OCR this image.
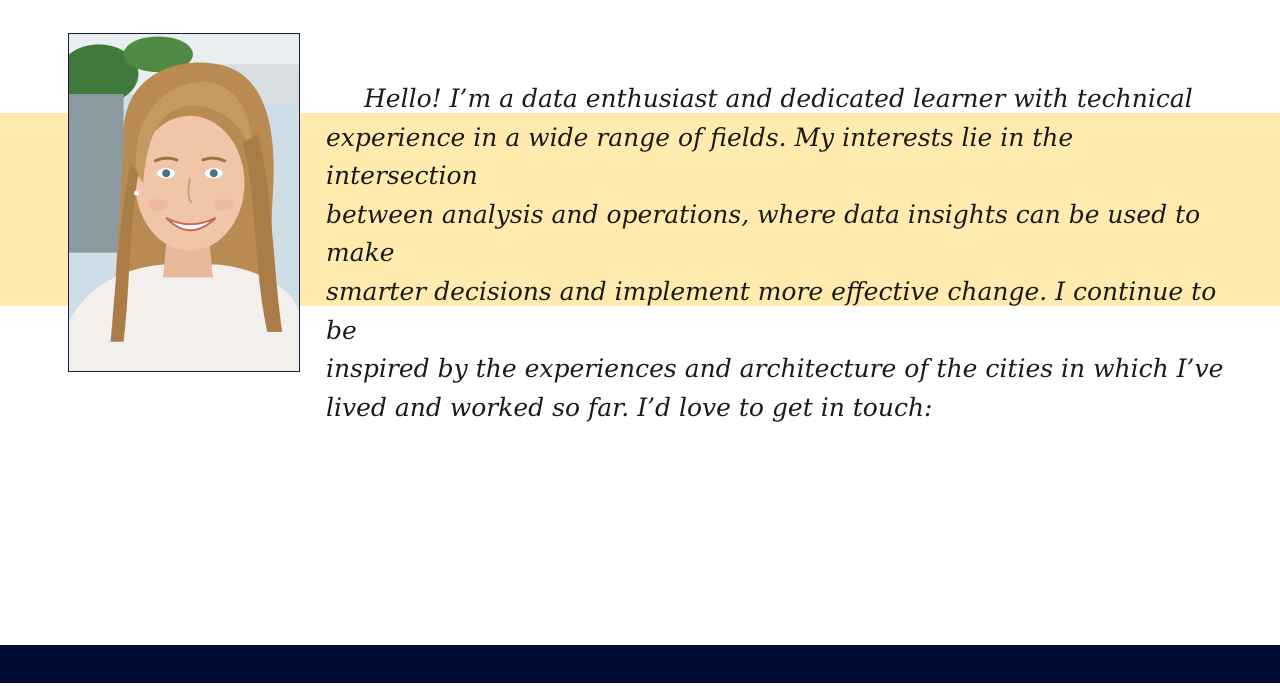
Hello! I’m a data enthusiast and dedicated learner with technical
experience in a wide range of fields. My interests lie in the intersection
between analysis and operations, where data insights can be used to make
smarter decisions and implement more effective change. I continue to be
inspired by the experiences and architecture of the cities in which I’ve
lived and worked so far. I’d love to get in touch:
